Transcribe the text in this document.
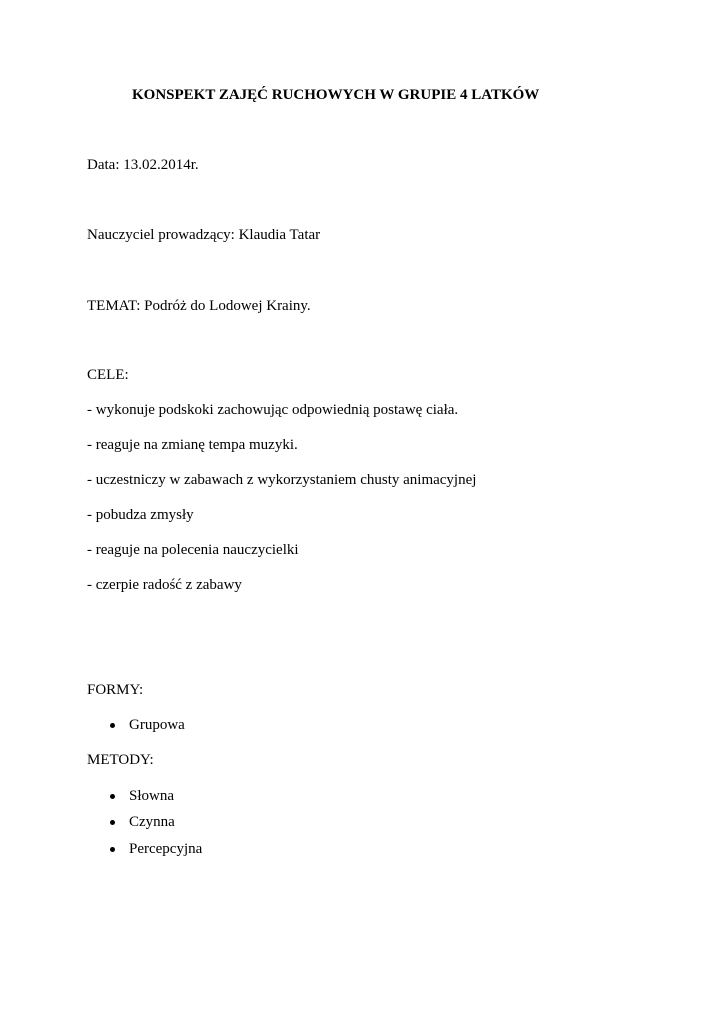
KONSPEKT ZAJĘĆ RUCHOWYCH W GRUPIE 4 LATKÓW
Data: 13.02.2014r.
Nauczyciel prowadzący: Klaudia Tatar
TEMAT: Podróż do Lodowej Krainy.
CELE:
- wykonuje podskoki zachowując odpowiednią postawę ciała.
- reaguje na zmianę tempa muzyki.
- uczestniczy w zabawach z wykorzystaniem chusty animacyjnej
- pobudza zmysły
- reaguje na polecenia nauczycielki
- czerpie radość z zabawy
FORMY:
Grupowa
METODY:
Słowna
Czynna
Percepcyjna
